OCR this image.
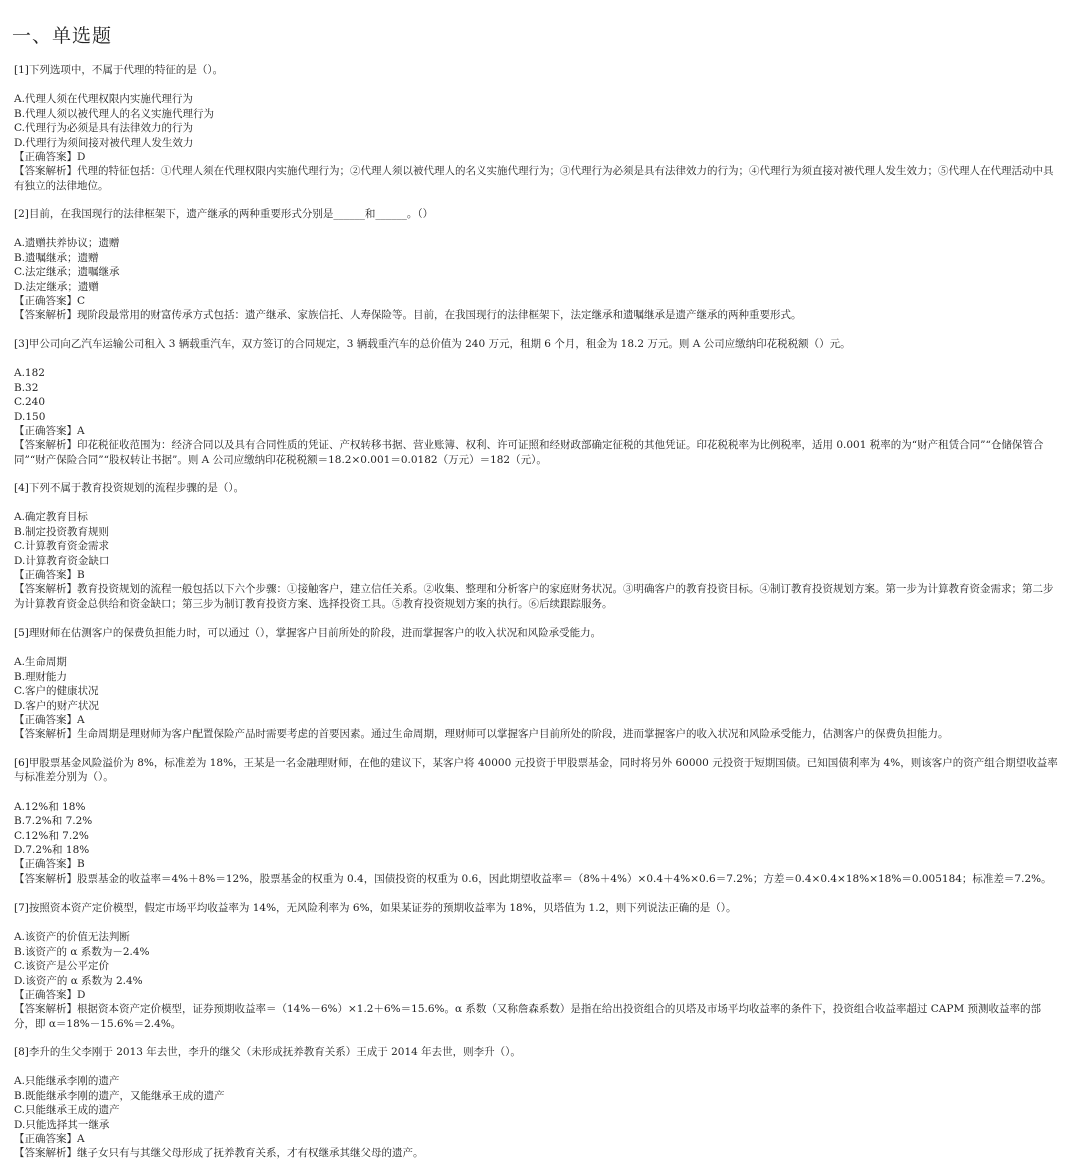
一、单选题

[1]下列选项中，不属于代理的特征的是（）。

A.代理人须在代理权限内实施代理行为
B.代理人须以被代理人的名义实施代理行为
C.代理行为必须是具有法律效力的行为
D.代理行为须间接对被代理人发生效力

【正确答案】D

【答案解析】代理的特征包括：①代理人须在代理权限内实施代理行为；②代理人须以被代理人的名义实施代理行为；③代理行为必须是具有法律效力的行为；④代理行为须直接对被代理人发生效力；⑤代理人在代理活动中具有独立的法律地位。

[2]目前，在我国现行的法律框架下，遗产继承的两种重要形式分别是______和______。（）

A.遗赠扶养协议；遗赠
B.遗嘱继承；遗赠
C.法定继承；遗嘱继承
D.法定继承；遗赠

【正确答案】C

【答案解析】现阶段最常用的财富传承方式包括：遗产继承、家族信托、人寿保险等。目前，在我国现行的法律框架下，法定继承和遗嘱继承是遗产继承的两种重要形式。

[3]甲公司向乙汽车运输公司租入 3 辆载重汽车，双方签订的合同规定，3 辆载重汽车的总价值为 240 万元，租期 6 个月，租金为 18.2 万元。则 A 公司应缴纳印花税税额（）元。

A.182
B.32
C.240
D.150

【正确答案】A

【答案解析】印花税征收范围为：经济合同以及具有合同性质的凭证、产权转移书据、营业账簿、权利、许可证照和经财政部确定征税的其他凭证。印花税税率为比例税率，适用 0.001 税率的为“财产租赁合同”“仓储保管合同”“财产保险合同”“股权转让书据”。则 A 公司应缴纳印花税税额＝18.2×0.001＝0.0182（万元）＝182（元）。

[4]下列不属于教育投资规划的流程步骤的是（）。

A.确定教育目标
B.制定投资教育规则
C.计算教育资金需求
D.计算教育资金缺口

【正确答案】B

【答案解析】教育投资规划的流程一般包括以下六个步骤：①接触客户，建立信任关系。②收集、整理和分析客户的家庭财务状况。③明确客户的教育投资目标。④制订教育投资规划方案。第一步为计算教育资金需求；第二步为计算教育资金总供给和资金缺口；第三步为制订教育投资方案、选择投资工具。⑤教育投资规划方案的执行。⑥后续跟踪服务。

[5]理财师在估测客户的保费负担能力时，可以通过（），掌握客户目前所处的阶段，进而掌握客户的收入状况和风险承受能力。

A.生命周期
B.理财能力
C.客户的健康状况
D.客户的财产状况

【正确答案】A

【答案解析】生命周期是理财师为客户配置保险产品时需要考虑的首要因素。通过生命周期，理财师可以掌握客户目前所处的阶段，进而掌握客户的收入状况和风险承受能力，估测客户的保费负担能力。

[6]甲股票基金风险溢价为 8%，标准差为 18%，王某是一名金融理财师，在他的建议下，某客户将 40000 元投资于甲股票基金，同时将另外 60000 元投资于短期国债。已知国债利率为 4%，则该客户的资产组合期望收益率与标准差分别为（）。

A.12%和 18%
B.7.2%和 7.2%
C.12%和 7.2%
D.7.2%和 18%

【正确答案】B

【答案解析】股票基金的收益率＝4%＋8%＝12%，股票基金的权重为 0.4，国债投资的权重为 0.6，因此期望收益率＝（8%＋4%）×0.4＋4%×0.6＝7.2%；方差＝0.4×0.4×18%×18%＝0.005184；标准差＝7.2%。

[7]按照资本资产定价模型，假定市场平均收益率为 14%，无风险利率为 6%，如果某证券的预期收益率为 18%，贝塔值为 1.2，则下列说法正确的是（）。

A.该资产的价值无法判断
B.该资产的 α 系数为－2.4%
C.该资产是公平定价
D.该资产的 α 系数为 2.4%

【正确答案】D

【答案解析】根据资本资产定价模型，证券预期收益率＝（14%－6%）×1.2＋6%＝15.6%。α 系数（又称詹森系数）是指在给出投资组合的贝塔及市场平均收益率的条件下，投资组合收益率超过 CAPM 预测收益率的部分，即 α＝18%－15.6%＝2.4%。

[8]李升的生父李刚于 2013 年去世，李升的继父（未形成抚养教育关系）王成于 2014 年去世，则李升（）。

A.只能继承李刚的遗产
B.既能继承李刚的遗产，又能继承王成的遗产
C.只能继承王成的遗产
D.只能选择其一继承

【正确答案】A

【答案解析】继子女只有与其继父母形成了抚养教育关系，才有权继承其继父母的遗产。
